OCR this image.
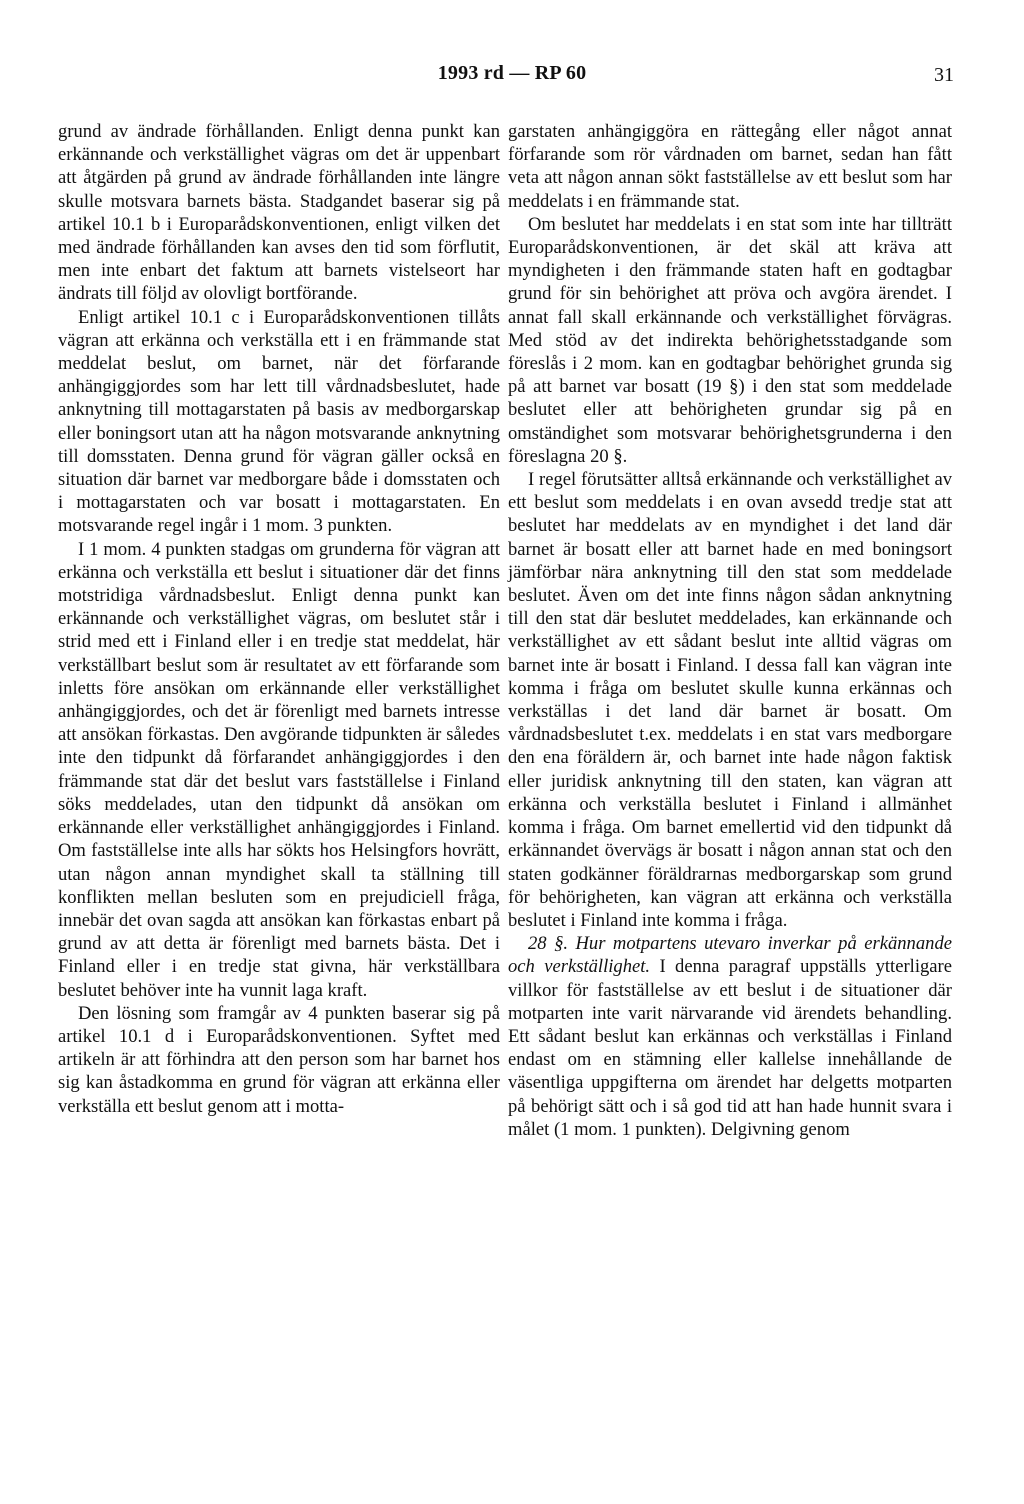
1993 rd — RP 60	31

grund av ändrade förhållanden. Enligt denna punkt kan erkännande och verkställighet vägras om det är uppenbart att åtgärden på grund av ändrade förhållanden inte längre skulle motsvara barnets bästa. Stadgandet baserar sig på artikel 10.1 b i Europarådskonventionen, enligt vilken det med ändrade förhållanden kan avses den tid som förflutit, men inte enbart det faktum att barnets vistelseort har ändrats till följd av olovligt bortförande.

Enligt artikel 10.1 c i Europarådskonventionen tillåts vägran att erkänna och verkställa ett i en främmande stat meddelat beslut, om barnet, när det förfarande anhängiggjordes som har lett till vårdnadsbeslutet, hade anknytning till mottagarstaten på basis av medborgarskap eller boningsort utan att ha någon motsvarande anknytning till domsstaten. Denna grund för vägran gäller också en situation där barnet var medborgare både i domsstaten och i mottagarstaten och var bosatt i mottagarstaten. En motsvarande regel ingår i 1 mom. 3 punkten.

I 1 mom. 4 punkten stadgas om grunderna för vägran att erkänna och verkställa ett beslut i situationer där det finns motstridiga vårdnadsbeslut. Enligt denna punkt kan erkännande och verkställighet vägras, om beslutet står i strid med ett i Finland eller i en tredje stat meddelat, här verkställbart beslut som är resultatet av ett förfarande som inletts före ansökan om erkännande eller verkställighet anhängiggjordes, och det är förenligt med barnets intresse att ansökan förkastas. Den avgörande tidpunkten är således inte den tidpunkt då förfarandet anhängiggjordes i den främmande stat där det beslut vars fastställelse i Finland söks meddelades, utan den tidpunkt då ansökan om erkännande eller verkställighet anhängiggjordes i Finland. Om fastställelse inte alls har sökts hos Helsingfors hovrätt, utan någon annan myndighet skall ta ställning till konflikten mellan besluten som en prejudiciell fråga, innebär det ovan sagda att ansökan kan förkastas enbart på grund av att detta är förenligt med barnets bästa. Det i Finland eller i en tredje stat givna, här verkställbara beslutet behöver inte ha vunnit laga kraft.

Den lösning som framgår av 4 punkten baserar sig på artikel 10.1 d i Europarådskonventionen. Syftet med artikeln är att förhindra att den person som har barnet hos sig kan åstadkomma en grund för vägran att erkänna eller verkställa ett beslut genom att i motta-

garstaten anhängiggöra en rättegång eller något annat förfarande som rör vårdnaden om barnet, sedan han fått veta att någon annan sökt fastställelse av ett beslut som har meddelats i en främmande stat.

Om beslutet har meddelats i en stat som inte har tillträtt Europarådskonventionen, är det skäl att kräva att myndigheten i den främmande staten haft en godtagbar grund för sin behörighet att pröva och avgöra ärendet. I annat fall skall erkännande och verkställighet förvägras. Med stöd av det indirekta behörighetsstadgande som föreslås i 2 mom. kan en godtagbar behörighet grunda sig på att barnet var bosatt (19 §) i den stat som meddelade beslutet eller att behörigheten grundar sig på en omständighet som motsvarar behörighetsgrunderna i den föreslagna 20 §.

I regel förutsätter alltså erkännande och verkställighet av ett beslut som meddelats i en ovan avsedd tredje stat att beslutet har meddelats av en myndighet i det land där barnet är bosatt eller att barnet hade en med boningsort jämförbar nära anknytning till den stat som meddelade beslutet. Även om det inte finns någon sådan anknytning till den stat där beslutet meddelades, kan erkännande och verkställighet av ett sådant beslut inte alltid vägras om barnet inte är bosatt i Finland. I dessa fall kan vägran inte komma i fråga om beslutet skulle kunna erkännas och verkställas i det land där barnet är bosatt. Om vårdnadsbeslutet t.ex. meddelats i en stat vars medborgare den ena föräldern är, och barnet inte hade någon faktisk eller juridisk anknytning till den staten, kan vägran att erkänna och verkställa beslutet i Finland i allmänhet komma i fråga. Om barnet emellertid vid den tidpunkt då erkännandet övervägs är bosatt i någon annan stat och den staten godkänner föräldrarnas medborgarskap som grund för behörigheten, kan vägran att erkänna och verkställa beslutet i Finland inte komma i fråga.

28 §. Hur motpartens utevaro inverkar på erkännande och verkställighet. I denna paragraf uppställs ytterligare villkor för fastställelse av ett beslut i de situationer där motparten inte varit närvarande vid ärendets behandling. Ett sådant beslut kan erkännas och verkställas i Finland endast om en stämning eller kallelse innehållande de väsentliga uppgifterna om ärendet har delgetts motparten på behörigt sätt och i så god tid att han hade hunnit svara i målet (1 mom. 1 punkten). Delgivning genom
